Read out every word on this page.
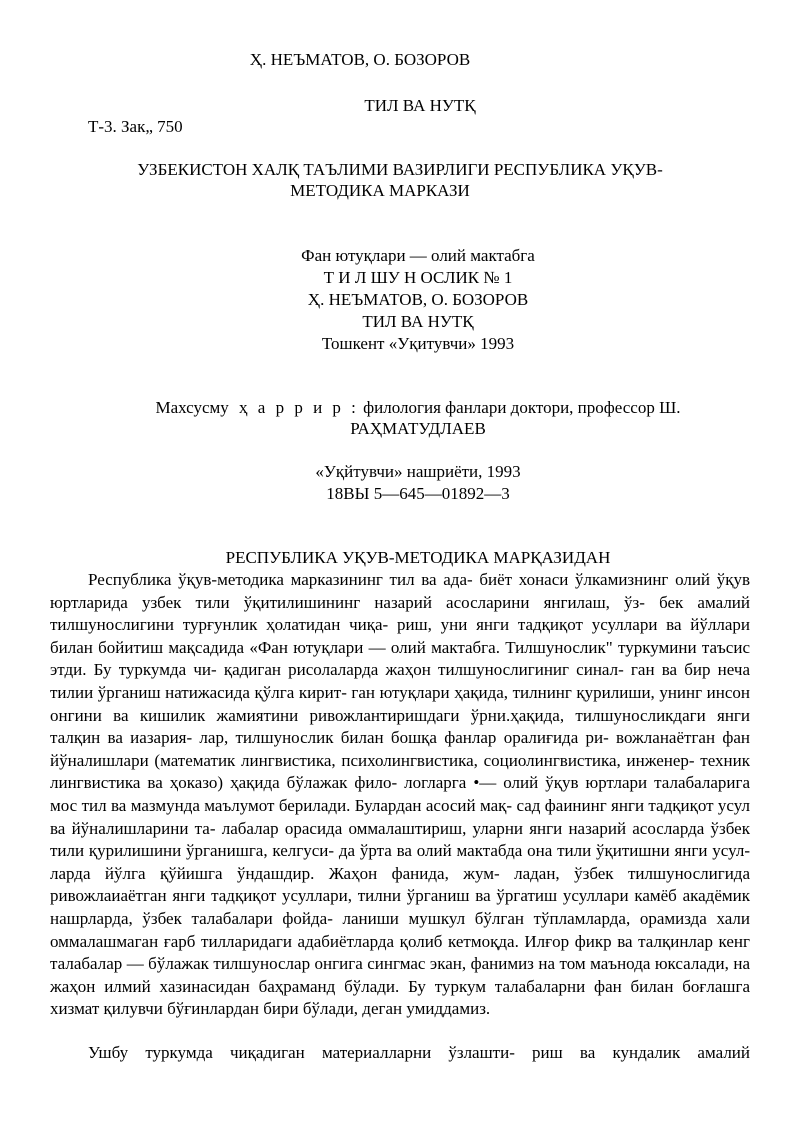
Ҳ. НЕЪМАТОВ, О. БОЗОРОВ
ТИЛ ВА НУТҚ
Т-3. Зак„ 750
УЗБЕКИСТОН ХАЛҚ ТАЪЛИМИ ВАЗИРЛИГИ РЕСПУБЛИКА УҚУВ-
МЕТОДИКА МАРКАЗИ
Фан ютуқлари — олий мактабга
Т И Л ШУ Н ОСЛИК № 1
Ҳ. НЕЪМАТОВ, О. БОЗОРОВ
ТИЛ ВА НУТҚ
Тошкент «Уқитувчи» 1993
Махсусму ҳ а р р и р : филология фанлари доктори, профессор Ш.
РАҲМАТУДЛАЕВ
«Уқйтувчи» нашриёти, 1993
18ВЫ 5—645—01892—3
РЕСПУБЛИКА УҚУВ-МЕТОДИКА МАРҚАЗИДАН

Республика ўқув-методика марказининг тил ва ада- биёт хонаси ўлкамизнинг олий ўқув юртларида узбек тили ўқитилишининг назарий асосларини янгилаш, ўз- бек амалий тилшунослигини турғунлик ҳолатидан чиқа- риш, уни янги тадқиқот усуллари ва йўллари билан бойитиш мақсадида «Фан ютуқлари — олий мактабга. Тилшунослик" туркумини таъсис этди. Бу туркумда чи- қадиган рисолаларда жаҳон тилшунослигиниг синал- ган ва бир неча тилии ўрганиш натижасида қўлга кирит- ган ютуқлари ҳақида, тилнинг қурилиши, унинг инсон онгини ва кишилик жамиятини ривожлантиришдаги ўрни.ҳақида, тилшуносликдаги янги талқин ва иазария- лар, тилшунослик билан бошқа фанлар оралиғида ри- вожланаётган фан йўналишлари (математик лингвистика, психолингвистика, социолингвистика, инженер- техник лингвистика ва ҳоказо) ҳақида бўлажак фило- логларга •— олий ўқув юртлари талабаларига мос тил ва мазмунда маълумот берилади. Булардан асосий мақ- сад фаининг янги тадқиқот усул ва йўналишларини та- лабалар орасида оммалаштириш, уларни янги назарий асосларда ўзбек тили қурилишини ўрганишга, келгуси- да ўрта ва олий мактабда она тили ўқитишни янги усул- ларда йўлга қўйишга ўндашдир. Жаҳон фанида, жум- ладан, ўзбек тилшунослигида ривожлаиаётган янги тадқиқот усуллари, тилни ўрганиш ва ўргатиш усуллари камёб акадёмик нашрларда, ўзбек талабалари фойда- ланиши мушкул бўлган тўпламларда, орамизда хали оммалашмаган ғарб тилларидаги адабиётларда қолиб кетмоқда. Илғор фикр ва талқинлар кенг талабалар — бўлажак тилшунослар онгига сингмас экан, фанимиз на том маънода юксалади, на жаҳон илмий хазинасидан баҳраманд бўлади. Бу туркум талабаларни фан билан боғлашга хизмат қилувчи бўғинлардан бири бўлади, деган умиддамиз.

Ушбу туркумда чиқадиган материалларни ўзлашти- риш ва кундалик амалий
